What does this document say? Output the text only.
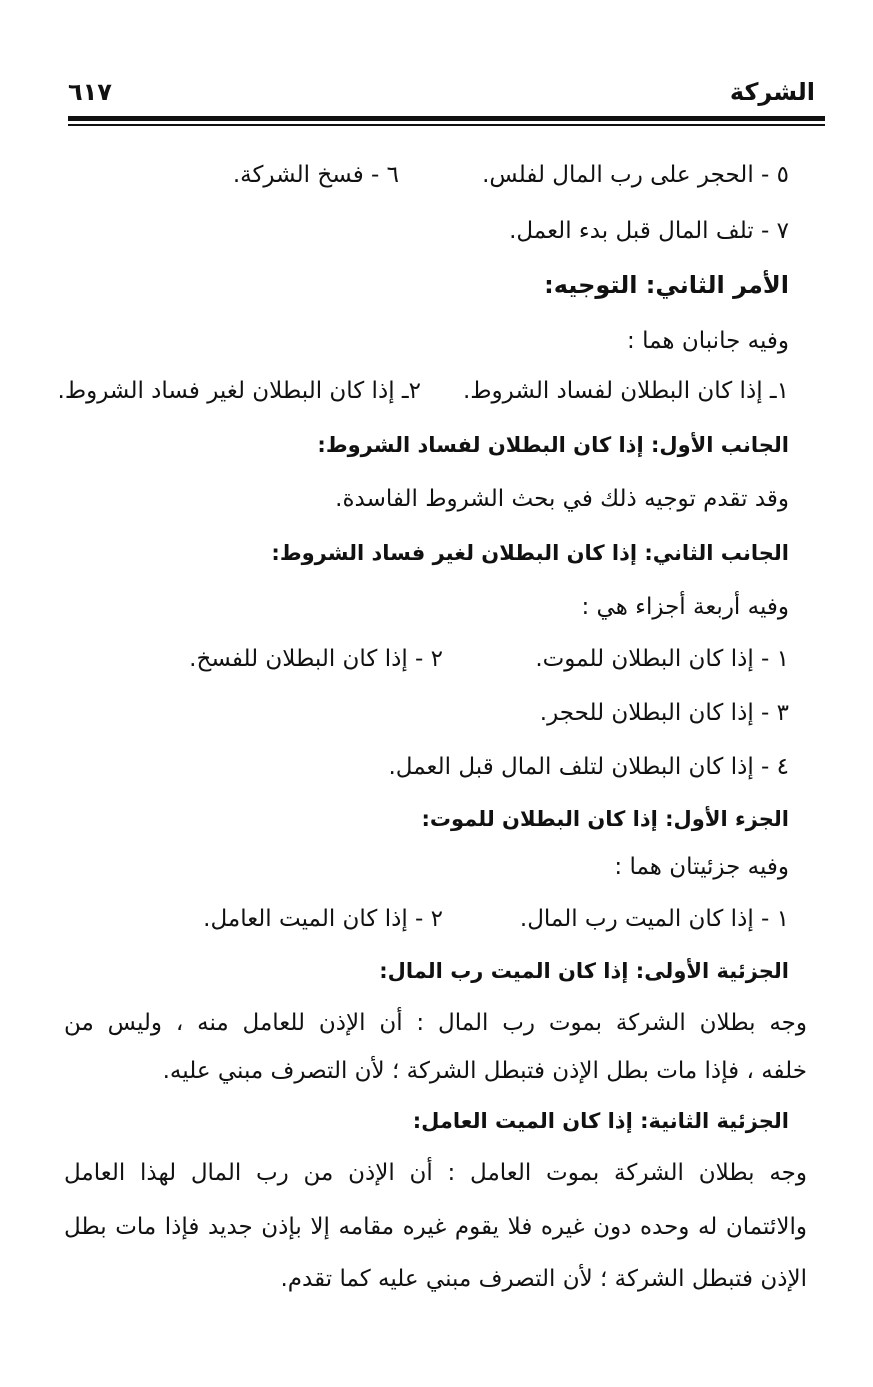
الشركة
٦١٧
٥ - الحجر على رب المال لفلس.
٦ - فسخ الشركة.
٧ - تلف المال قبل بدء العمل.
الأمر الثاني: التوجيه:
وفيه جانبان هما :
١ـ إذا كان البطلان لفساد الشروط.
٢ـ إذا كان البطلان لغير فساد الشروط.
الجانب الأول: إذا كان البطلان لفساد الشروط:
وقد تقدم توجيه ذلك في بحث الشروط الفاسدة.
الجانب الثاني: إذا كان البطلان لغير فساد الشروط:
وفيه أربعة أجزاء هي :
١ - إذا كان البطلان للموت.
٢ - إذا كان البطلان للفسخ.
٣ - إذا كان البطلان للحجر.
٤ - إذا كان البطلان لتلف المال قبل العمل.
الجزء الأول: إذا كان البطلان للموت:
وفيه جزئيتان هما :
١ - إذا كان الميت رب المال.
٢ - إذا كان الميت العامل.
الجزئية الأولى: إذا كان الميت رب المال:
وجه بطلان الشركة بموت رب المال : أن الإذن للعامل منه ، وليس من
خلفه ، فإذا مات بطل الإذن فتبطل الشركة ؛ لأن التصرف مبني عليه.
الجزئية الثانية: إذا كان الميت العامل:
وجه بطلان الشركة بموت العامل : أن الإذن من رب المال لهذا العامل
والائتمان له وحده دون غيره فلا يقوم غيره مقامه إلا بإذن جديد فإذا مات بطل
الإذن فتبطل الشركة ؛ لأن التصرف مبني عليه كما تقدم.
